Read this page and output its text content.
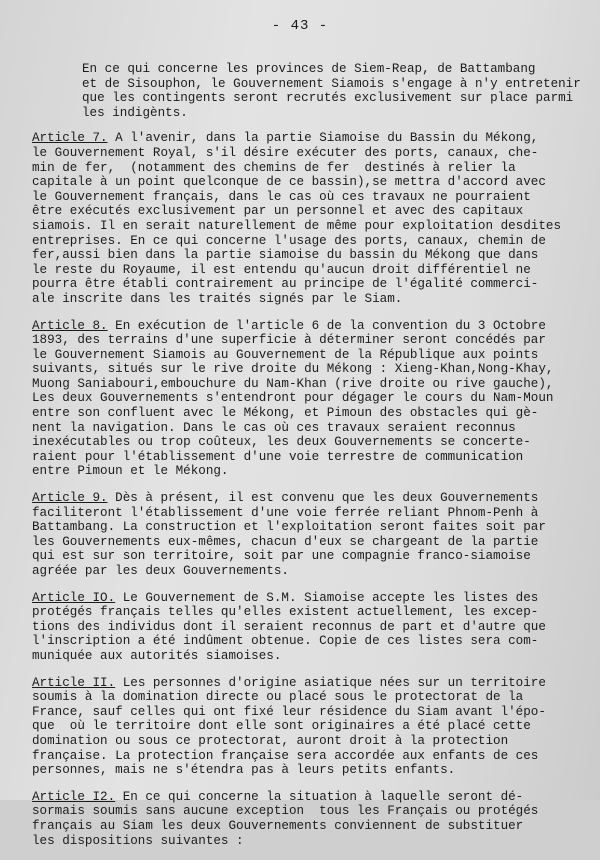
- 43 -
En ce qui concerne les provinces de Siem-Reap, de Battambang
et de Sisouphon, le Gouvernement Siamois s'engage à n'y entretenir
que les contingents seront recrutés exclusivement sur place parmi
les indigènts.
Article 7. A l'avenir, dans la partie Siamoise du Bassin du Mékong,
le Gouvernement Royal, s'il désire exécuter des ports, canaux, che-
min de fer,  (notamment des chemins de fer  destinés à relier la
capitale à un point quelconque de ce bassin),se mettra d'accord avec
le Gouvernement français, dans le cas où ces travaux ne pourraient
être exécutés exclusivement par un personnel et avec des capitaux
siamois. Il en serait naturellement de même pour exploitation desdites
entreprises. En ce qui concerne l'usage des ports, canaux, chemin de
fer,aussi bien dans la partie siamoise du bassin du Mékong que dans
le reste du Royaume, il est entendu qu'aucun droit différentiel ne
pourra être établi contrairement au principe de l'égalité commerci-
ale inscrite dans les traités signés par le Siam.
Article 8. En exécution de l'article 6 de la convention du 3 Octobre
1893, des terrains d'une superficie à déterminer seront concédés par
le Gouvernement Siamois au Gouvernement de la République aux points
suivants, situés sur le rive droite du Mékong : Xieng-Khan,Nong-Khay,
Muong Saniabouri,embouchure du Nam-Khan (rive droite ou rive gauche),
Les deux Gouvernements s'entendront pour dégager le cours du Nam-Moun
entre son confluent avec le Mékong, et Pimoun des obstacles qui gè-
nent la navigation. Dans le cas où ces travaux seraient reconnus
inexécutables ou trop coûteux, les deux Gouvernements se concerte-
raient pour l'établissement d'une voie terrestre de communication
entre Pimoun et le Mékong.
Article 9. Dès à présent, il est convenu que les deux Gouvernements
faciliteront l'établissement d'une voie ferrée reliant Phnom-Penh à
Battambang. La construction et l'exploitation seront faites soit par
les Gouvernements eux-mêmes, chacun d'eux se chargeant de la partie
qui est sur son territoire, soit par une compagnie franco-siamoise
agréée par les deux Gouvernements.
Article IO. Le Gouvernement de S.M. Siamoise accepte les listes des
protégés français telles qu'elles existent actuellement, les excep-
tions des individus dont il seraient reconnus de part et d'autre que
l'inscription a été indûment obtenue. Copie de ces listes sera com-
muniquée aux autorités siamoises.
Article II. Les personnes d'origine asiatique nées sur un territoire
soumis à la domination directe ou placé sous le protectorat de la
France, sauf celles qui ont fixé leur résidence du Siam avant l'épo-
que  où le territoire dont elle sont originaires a été placé cette
domination ou sous ce protectorat, auront droit à la protection
française. La protection française sera accordée aux enfants de ces
personnes, mais ne s'étendra pas à leurs petits enfants.
Article I2. En ce qui concerne la situation à laquelle seront dé-
sormais soumis sans aucune exception  tous les Français ou protégés
français au Siam les deux Gouvernements conviennent de substituer
les dispositions suivantes :
